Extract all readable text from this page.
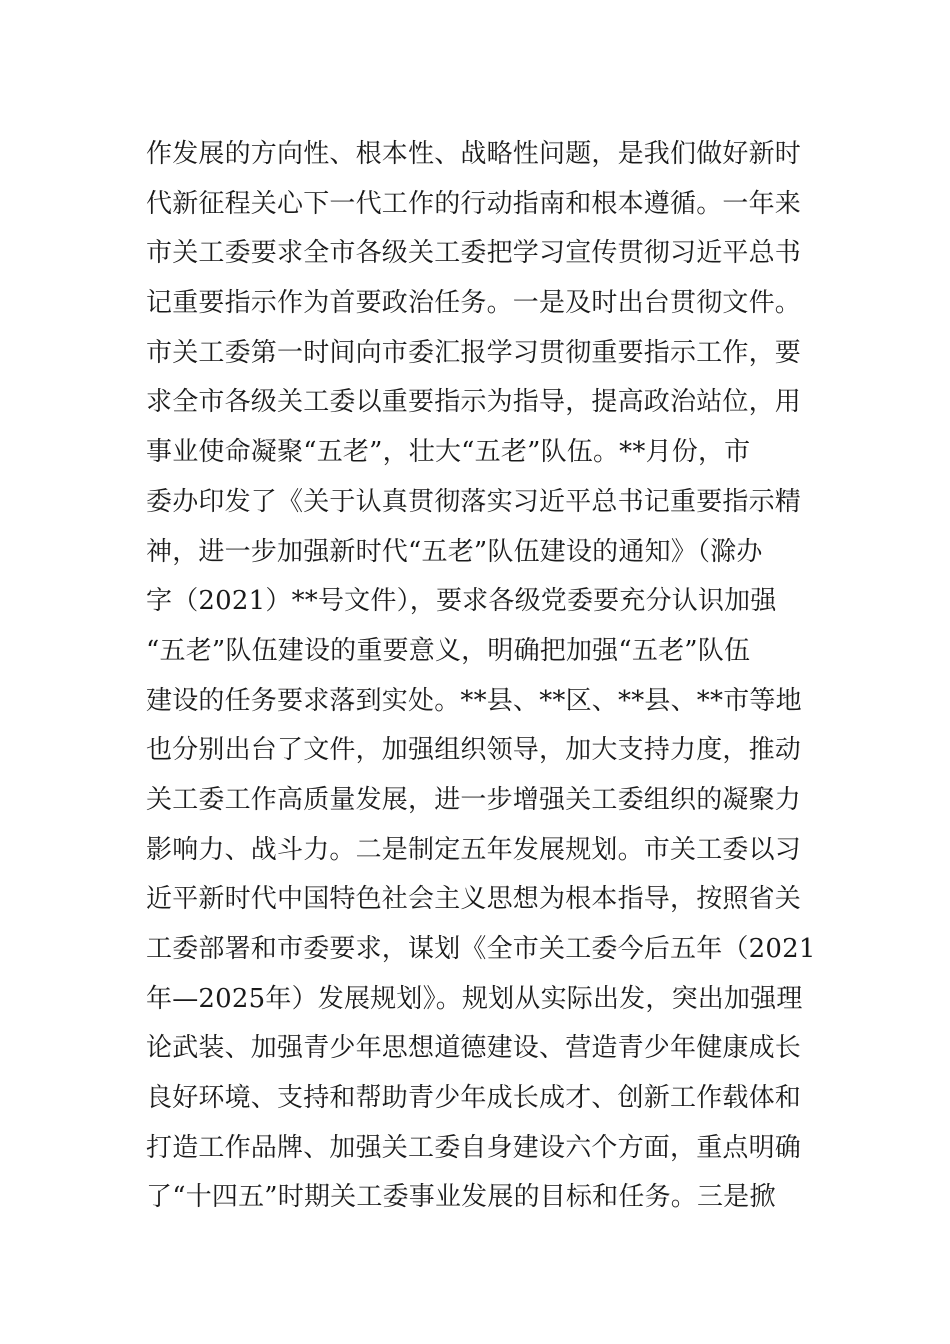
作发展的方向性、根本性、战略性问题，是我们做好新时
代新征程关心下一代工作的行动指南和根本遵循。一年来
市关工委要求全市各级关工委把学习宣传贯彻习近平总书
记重要指示作为首要政治任务。一是及时出台贯彻文件。
市关工委第一时间向市委汇报学习贯彻重要指示工作，要
求全市各级关工委以重要指示为指导，提高政治站位，用
事业使命凝聚“五老”，壮大“五老”队伍。**月份，市
委办印发了《关于认真贯彻落实习近平总书记重要指示精
神，进一步加强新时代“五老”队伍建设的通知》（滁办
字（2021）**号文件），要求各级党委要充分认识加强
“五老”队伍建设的重要意义，明确把加强“五老”队伍
建设的任务要求落到实处。**县、**区、**县、**市等地
也分别出台了文件，加强组织领导，加大支持力度，推动
关工委工作高质量发展，进一步增强关工委组织的凝聚力
影响力、战斗力。二是制定五年发展规划。市关工委以习
近平新时代中国特色社会主义思想为根本指导，按照省关
工委部署和市委要求，谋划《全市关工委今后五年（2021
年—2025年）发展规划》。规划从实际出发，突出加强理
论武装、加强青少年思想道德建设、营造青少年健康成长
良好环境、支持和帮助青少年成长成才、创新工作载体和
打造工作品牌、加强关工委自身建设六个方面，重点明确
了“十四五”时期关工委事业发展的目标和任务。三是掀
